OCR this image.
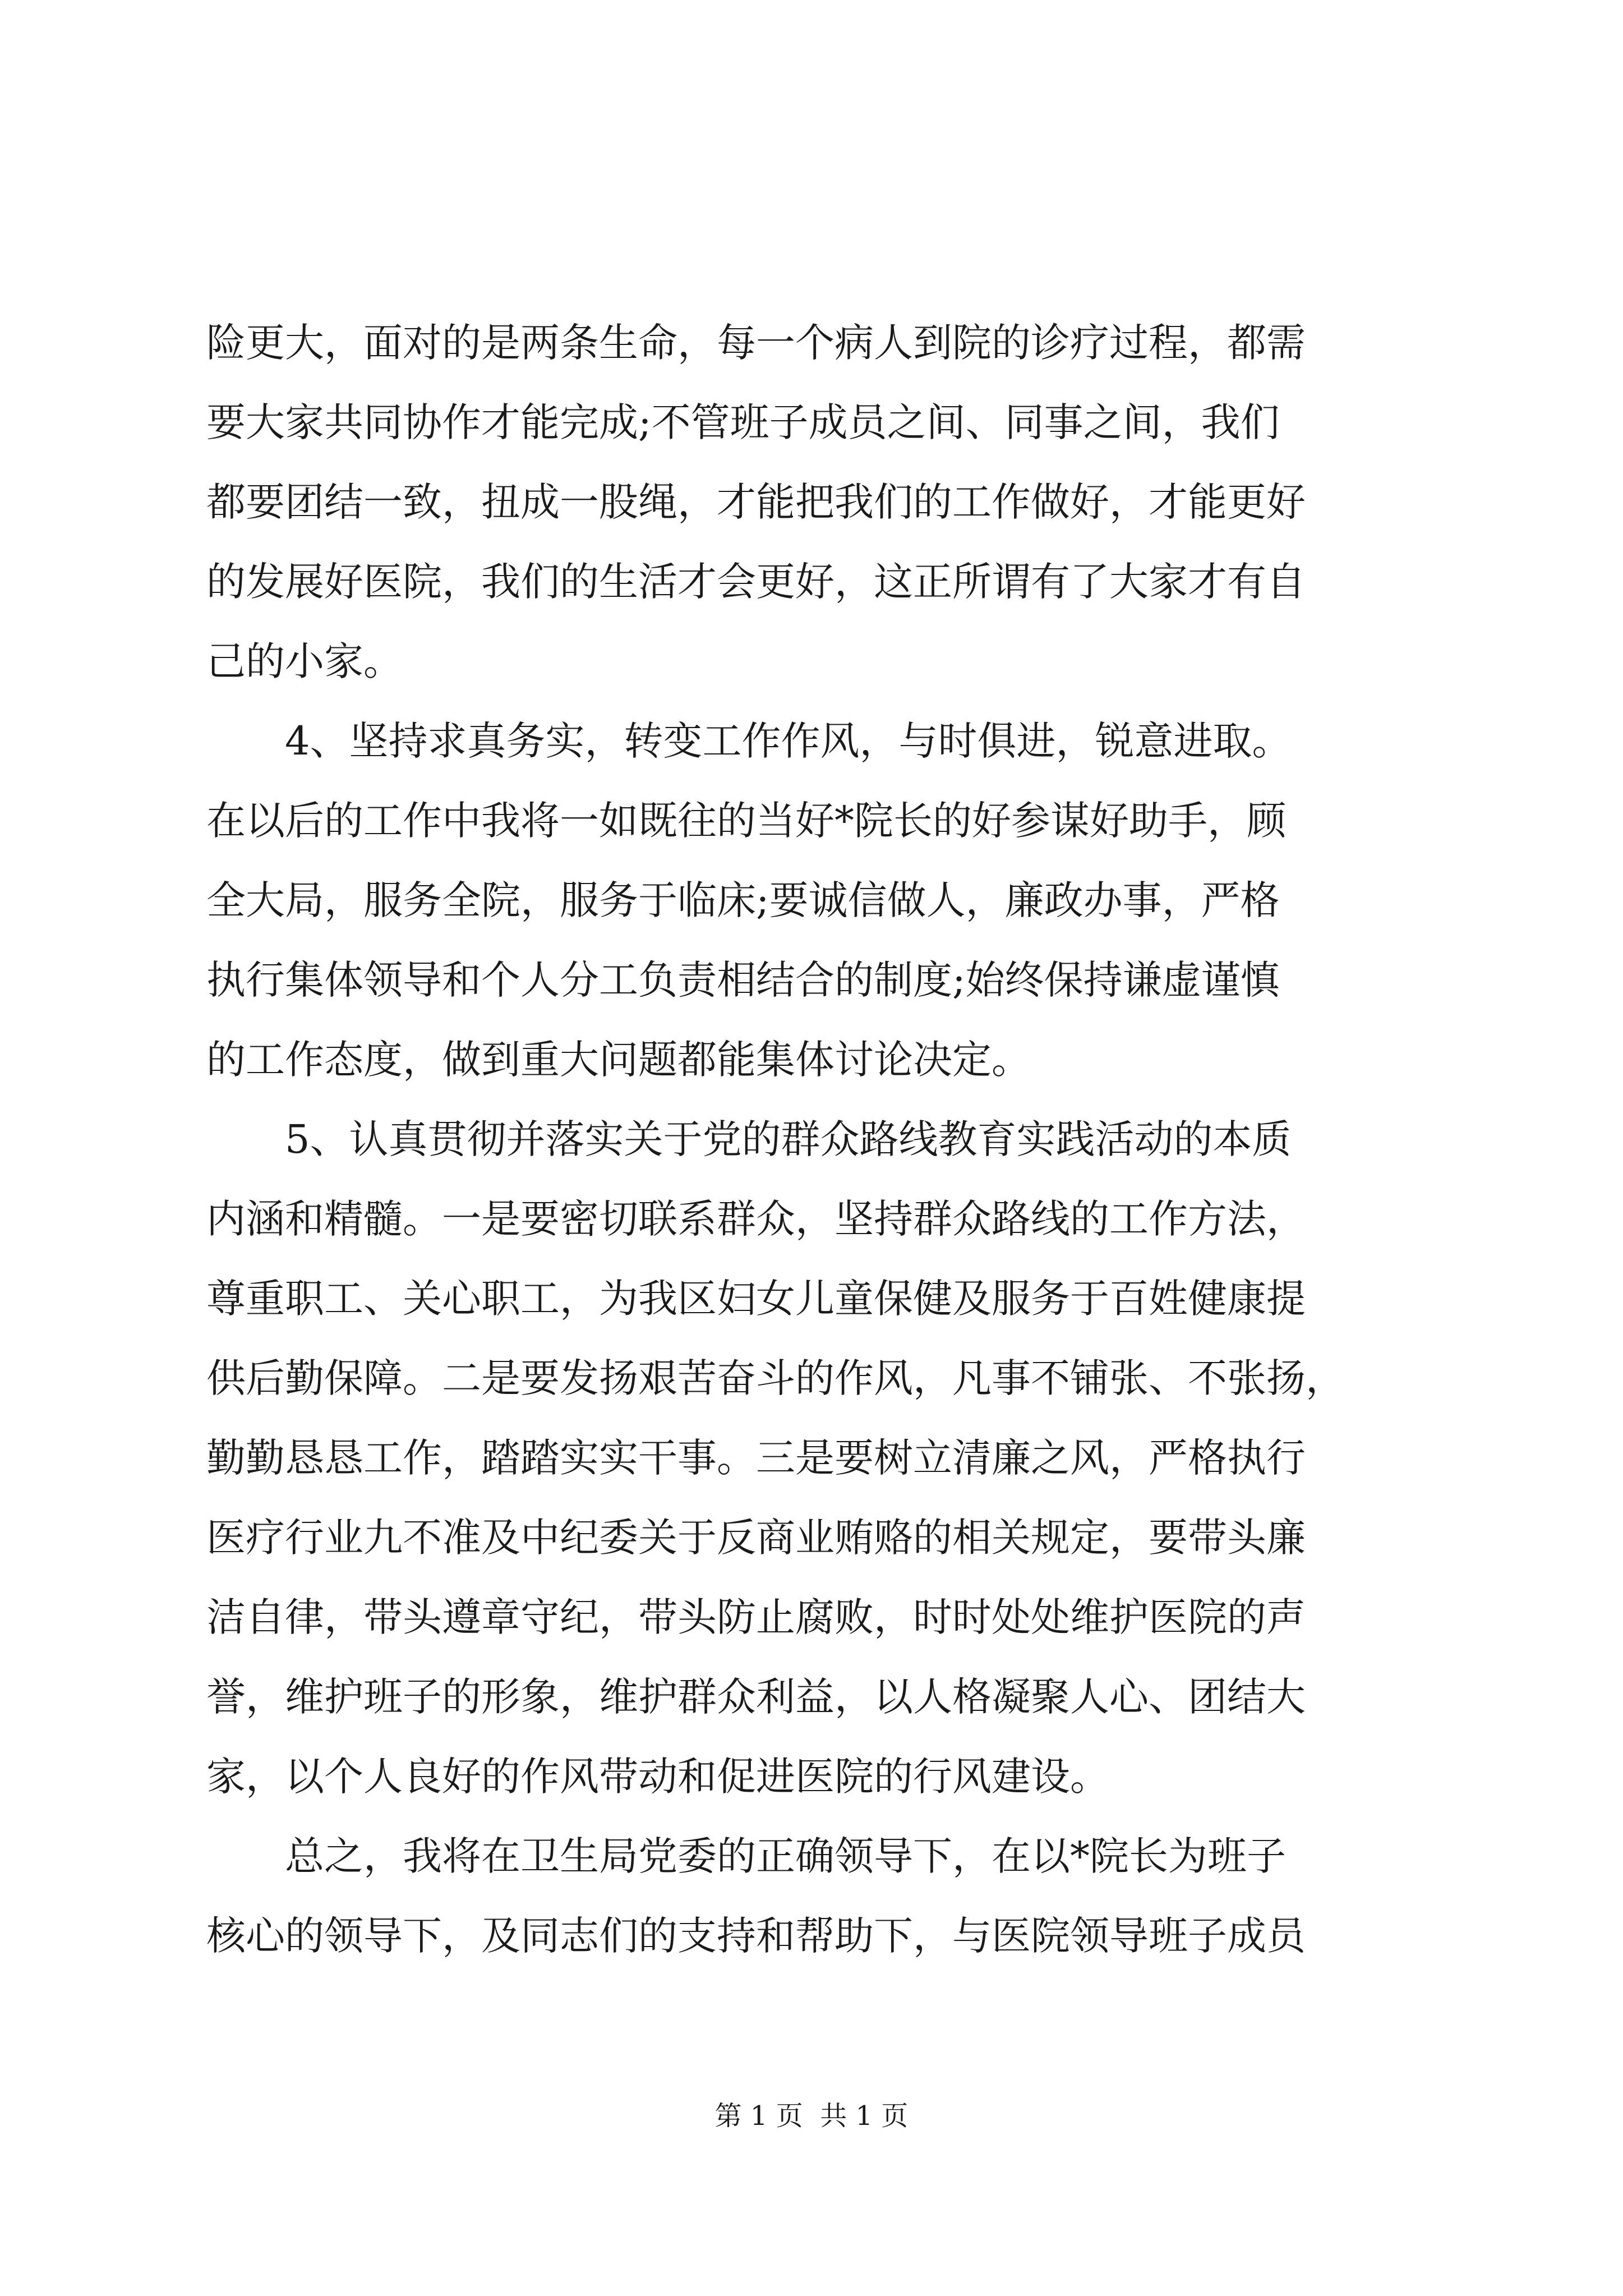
险更大，面对的是两条生命，每一个病人到院的诊疗过程，都需

要大家共同协作才能完成;不管班子成员之间、同事之间，我们

都要团结一致，扭成一股绳，才能把我们的工作做好，才能更好

的发展好医院，我们的生活才会更好，这正所谓有了大家才有自

己的小家。

4、坚持求真务实，转变工作作风，与时俱进，锐意进取。

在以后的工作中我将一如既往的当好*院长的好参谋好助手，顾

全大局，服务全院，服务于临床;要诚信做人，廉政办事，严格

执行集体领导和个人分工负责相结合的制度;始终保持谦虚谨慎

的工作态度，做到重大问题都能集体讨论决定。

5、认真贯彻并落实关于党的群众路线教育实践活动的本质

内涵和精髓。一是要密切联系群众，坚持群众路线的工作方法，

尊重职工、关心职工，为我区妇女儿童保健及服务于百姓健康提

供后勤保障。二是要发扬艰苦奋斗的作风，凡事不铺张、不张扬，

勤勤恳恳工作，踏踏实实干事。三是要树立清廉之风，严格执行

医疗行业九不准及中纪委关于反商业贿赂的相关规定，要带头廉

洁自律，带头遵章守纪，带头防止腐败，时时处处维护医院的声

誉，维护班子的形象，维护群众利益，以人格凝聚人心、团结大

家，以个人良好的作风带动和促进医院的行风建设。

总之，我将在卫生局党委的正确领导下，在以*院长为班子

核心的领导下，及同志们的支持和帮助下，与医院领导班子成员

第 1 页  共 1 页
